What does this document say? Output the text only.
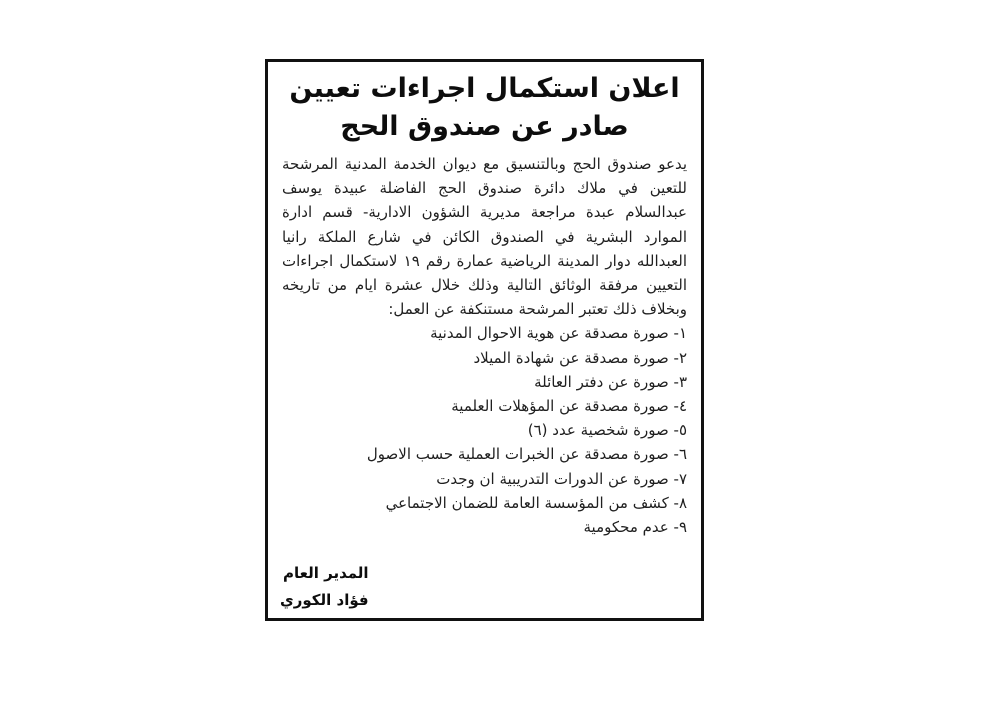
اعلان استكمال اجراءات تعيين
صادر عن صندوق الحج

يدعو صندوق الحج وبالتنسيق مع ديوان الخدمة المدنية المرشحة للتعين في ملاك دائرة صندوق الحج الفاضلة عبيدة يوسف عبدالسلام عبدة مراجعة مديرية الشؤون الادارية- قسم ادارة الموارد البشرية في الصندوق الكائن في شارع الملكة رانيا العبدالله دوار المدينة الرياضية عمارة رقم ١٩ لاستكمال اجراءات التعيين مرفقة الوثائق التالية وذلك خلال عشرة ايام من تاريخه وبخلاف ذلك تعتبر المرشحة مستنكفة عن العمل:

١- صورة مصدقة عن هوية الاحوال المدنية
٢- صورة مصدقة عن شهادة الميلاد
٣- صورة عن دفتر العائلة
٤- صورة مصدقة عن المؤهلات العلمية
٥- صورة شخصية عدد (٦)
٦- صورة مصدقة عن الخبرات العملية حسب الاصول
٧- صورة عن الدورات التدريبية ان وجدت
٨- كشف من المؤسسة العامة للضمان الاجتماعي
٩- عدم محكومية
المدير العام
فؤاد الكوري
